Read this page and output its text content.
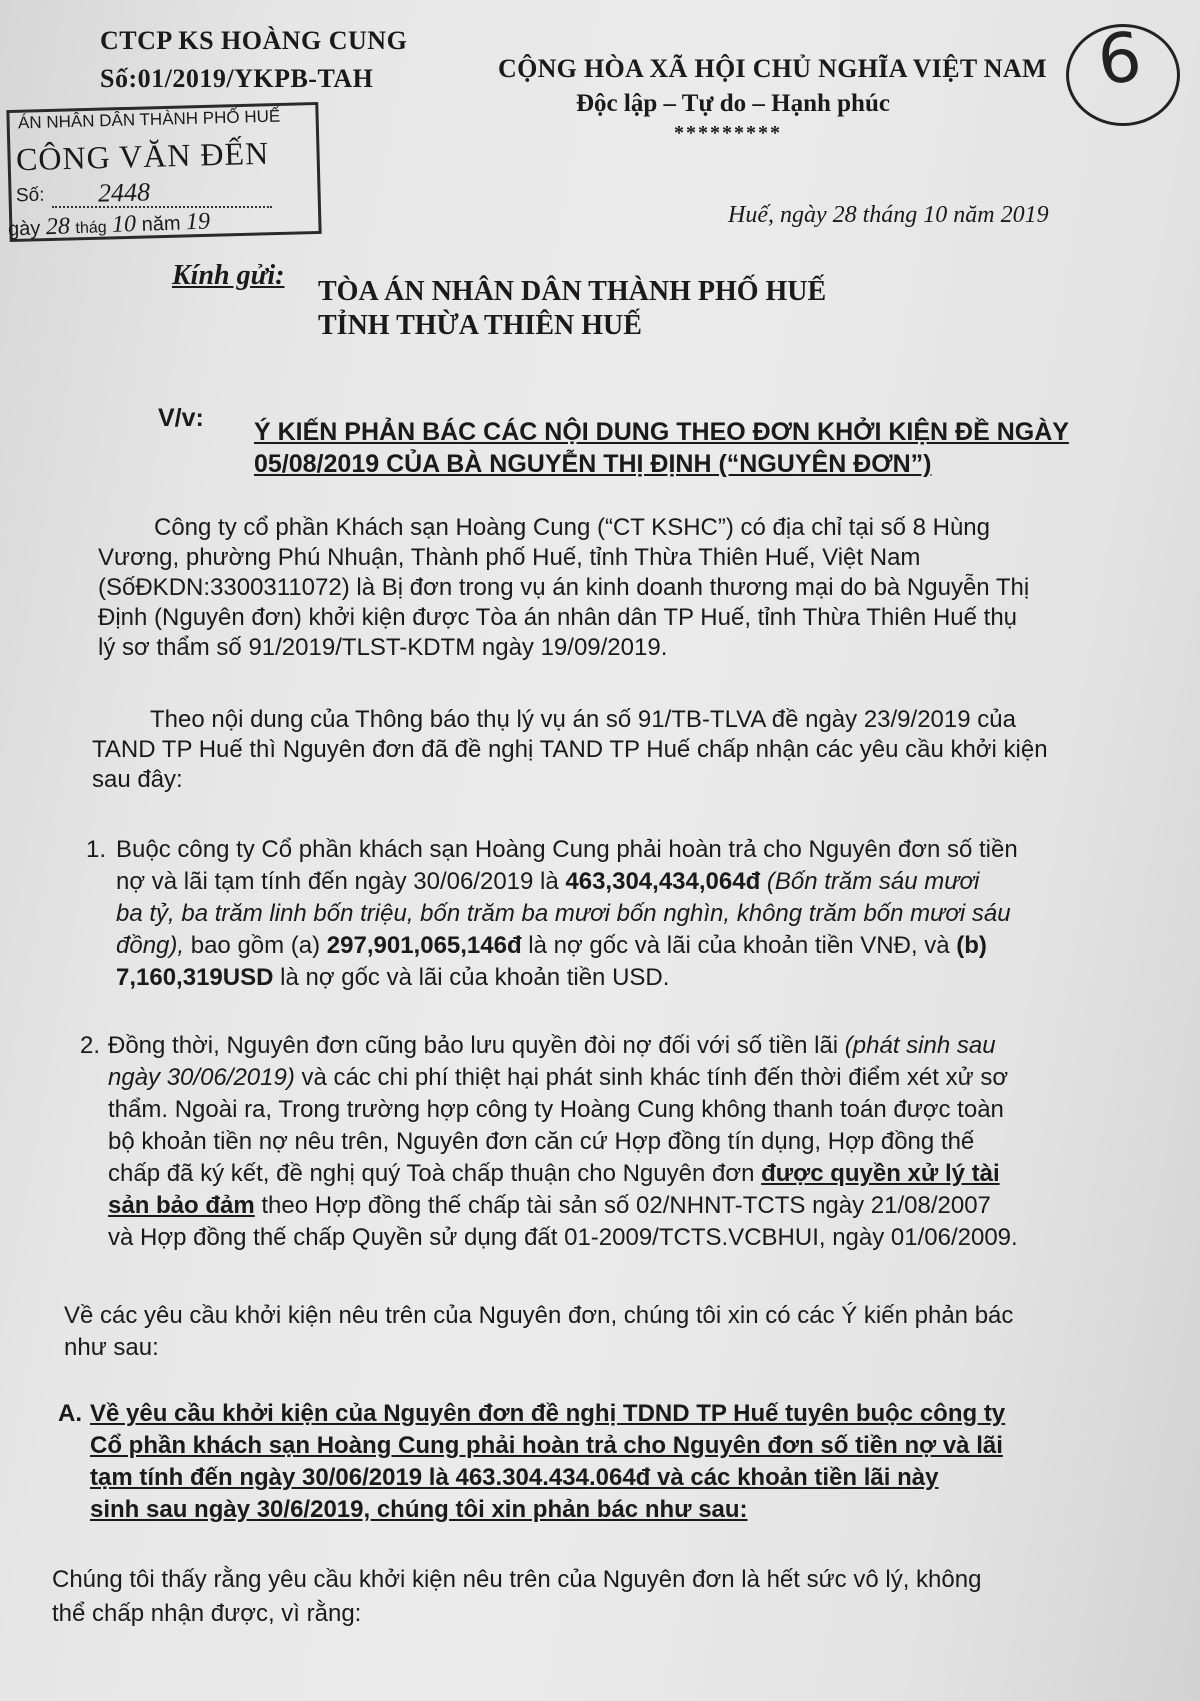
CTCP KS HOÀNG CUNG
Số:01/2019/YKPB-TAH	CỘNG HÒA XÃ HỘI CHỦ NGHĨA VIỆT NAM
Độc lập – Tự do – Hạnh phúc
*********
6
ÁN NHÂN DÂN THÀNH PHỐ HUẾ
CÔNG VĂN ĐẾN
Số: 2448
gày 28 thág 10 năm 19	Huế, ngày 28 tháng 10 năm 2019
Kính gửi:
TÒA ÁN NHÂN DÂN THÀNH PHỐ HUẾ
TỈNH THỪA THIÊN HUẾ
V/v: Ý KIẾN PHẢN BÁC CÁC NỘI DUNG THEO ĐƠN KHỞI KIỆN ĐỀ NGÀY
05/08/2019 CỦA BÀ NGUYỄN THỊ ĐỊNH (“NGUYÊN ĐƠN”)
Công ty cổ phần Khách sạn Hoàng Cung (“CT KSHC”) có địa chỉ tại số 8 Hùng
Vương, phường Phú Nhuận, Thành phố Huế, tỉnh Thừa Thiên Huế, Việt Nam
(SốĐKDN:3300311072) là Bị đơn trong vụ án kinh doanh thương mại do bà Nguyễn Thị
Định (Nguyên đơn) khởi kiện được Tòa án nhân dân TP Huế, tỉnh Thừa Thiên Huế thụ
lý sơ thẩm số 91/2019/TLST-KDTM ngày 19/09/2019.
Theo nội dung của Thông báo thụ lý vụ án số 91/TB-TLVA đề ngày 23/9/2019 của
TAND TP Huế thì Nguyên đơn đã đề nghị TAND TP Huế chấp nhận các yêu cầu khởi kiện
sau đây:
1. Buộc công ty Cổ phần khách sạn Hoàng Cung phải hoàn trả cho Nguyên đơn số tiền
nợ và lãi tạm tính đến ngày 30/06/2019 là 463,304,434,064đ (Bốn trăm sáu mươi
ba tỷ, ba trăm linh bốn triệu, bốn trăm ba mươi bốn nghìn, không trăm bốn mươi sáu
đồng), bao gồm (a) 297,901,065,146đ là nợ gốc và lãi của khoản tiền VNĐ, và (b)
7,160,319USD là nợ gốc và lãi của khoản tiền USD.
2. Đồng thời, Nguyên đơn cũng bảo lưu quyền đòi nợ đối với số tiền lãi (phát sinh sau
ngày 30/06/2019) và các chi phí thiệt hại phát sinh khác tính đến thời điểm xét xử sơ
thẩm. Ngoài ra, Trong trường hợp công ty Hoàng Cung không thanh toán được toàn
bộ khoản tiền nợ nêu trên, Nguyên đơn căn cứ Hợp đồng tín dụng, Hợp đồng thế
chấp đã ký kết, đề nghị quý Toà chấp thuận cho Nguyên đơn được quyền xử lý tài
sản bảo đảm theo Hợp đồng thế chấp tài sản số 02/NHNT-TCTS ngày 21/08/2007
và Hợp đồng thế chấp Quyền sử dụng đất 01-2009/TCTS.VCBHUI, ngày 01/06/2009.
Về các yêu cầu khởi kiện nêu trên của Nguyên đơn, chúng tôi xin có các Ý kiến phản bác
như sau:
A. Về yêu cầu khởi kiện của Nguyên đơn đề nghị TDND TP Huế tuyên buộc công ty
Cổ phần khách sạn Hoàng Cung phải hoàn trả cho Nguyên đơn số tiền nợ và lãi
tạm tính đến ngày 30/06/2019 là 463.304.434.064đ và các khoản tiền lãi này
sinh sau ngày 30/6/2019, chúng tôi xin phản bác như sau:
Chúng tôi thấy rằng yêu cầu khởi kiện nêu trên của Nguyên đơn là hết sức vô lý, không
thể chấp nhận được, vì rằng:
